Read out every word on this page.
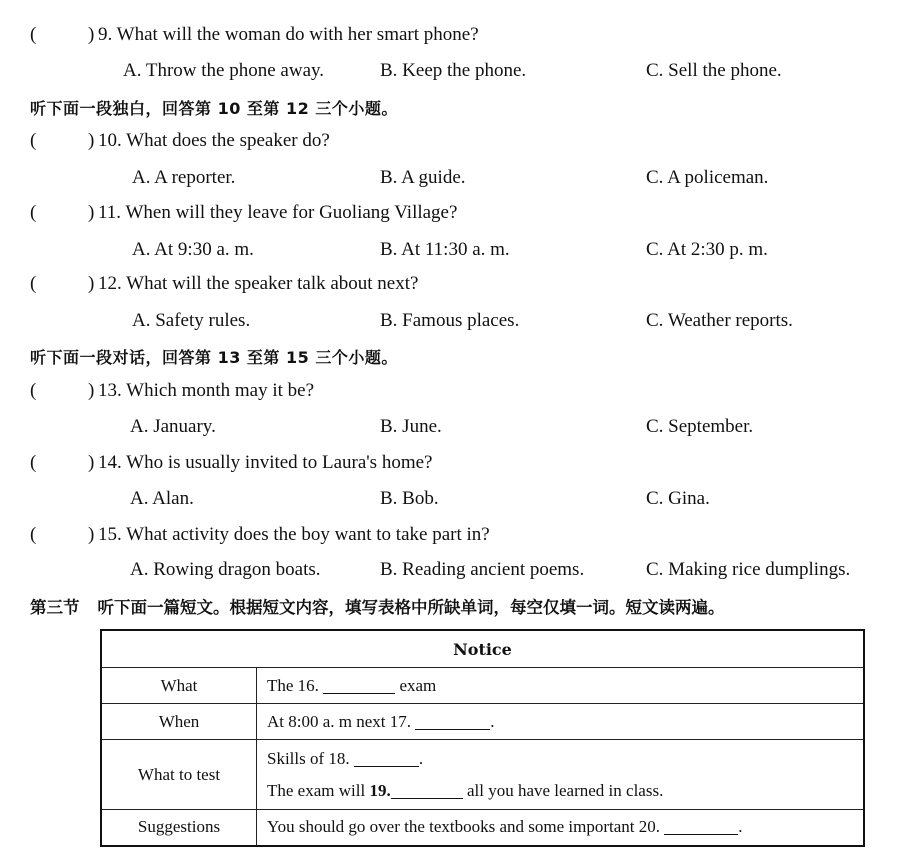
(	) 9. What will the woman do with her smart phone?
A. Throw the phone away.	B. Keep the phone.	C. Sell the phone.
听下面一段独白，回答第 10 至第 12 三个小题。
(	) 10. What does the speaker do?
A. A reporter.	B. A guide.	C. A policeman.
(	) 11. When will they leave for Guoliang Village?
A. At 9:30 a. m.	B. At 11:30 a. m.	C. At 2:30 p. m.
(	) 12. What will the speaker talk about next?
A. Safety rules.	B. Famous places.	C. Weather reports.
听下面一段对话，回答第 13 至第 15 三个小题。
(	) 13. Which month may it be?
A. January.	B. June.	C. September.
(	) 14. Who is usually invited to Laura's home?
A. Alan.	B. Bob.	C. Gina.
(	) 15. What activity does the boy want to take part in?
A. Rowing dragon boats.	B. Reading ancient poems.	C. Making rice dumplings.
第三节 听下面一篇短文。根据短文内容，填写表格中所缺单词，每空仅填一词。短文读两遍。
Notice	
What	The 16. exam
When	At 8:00 a. m next 17. .
What to test	Skills of 18. .
The exam will 19. all you have learned in class.

Suggestions	You should go over the textbooks and some important 20. .
